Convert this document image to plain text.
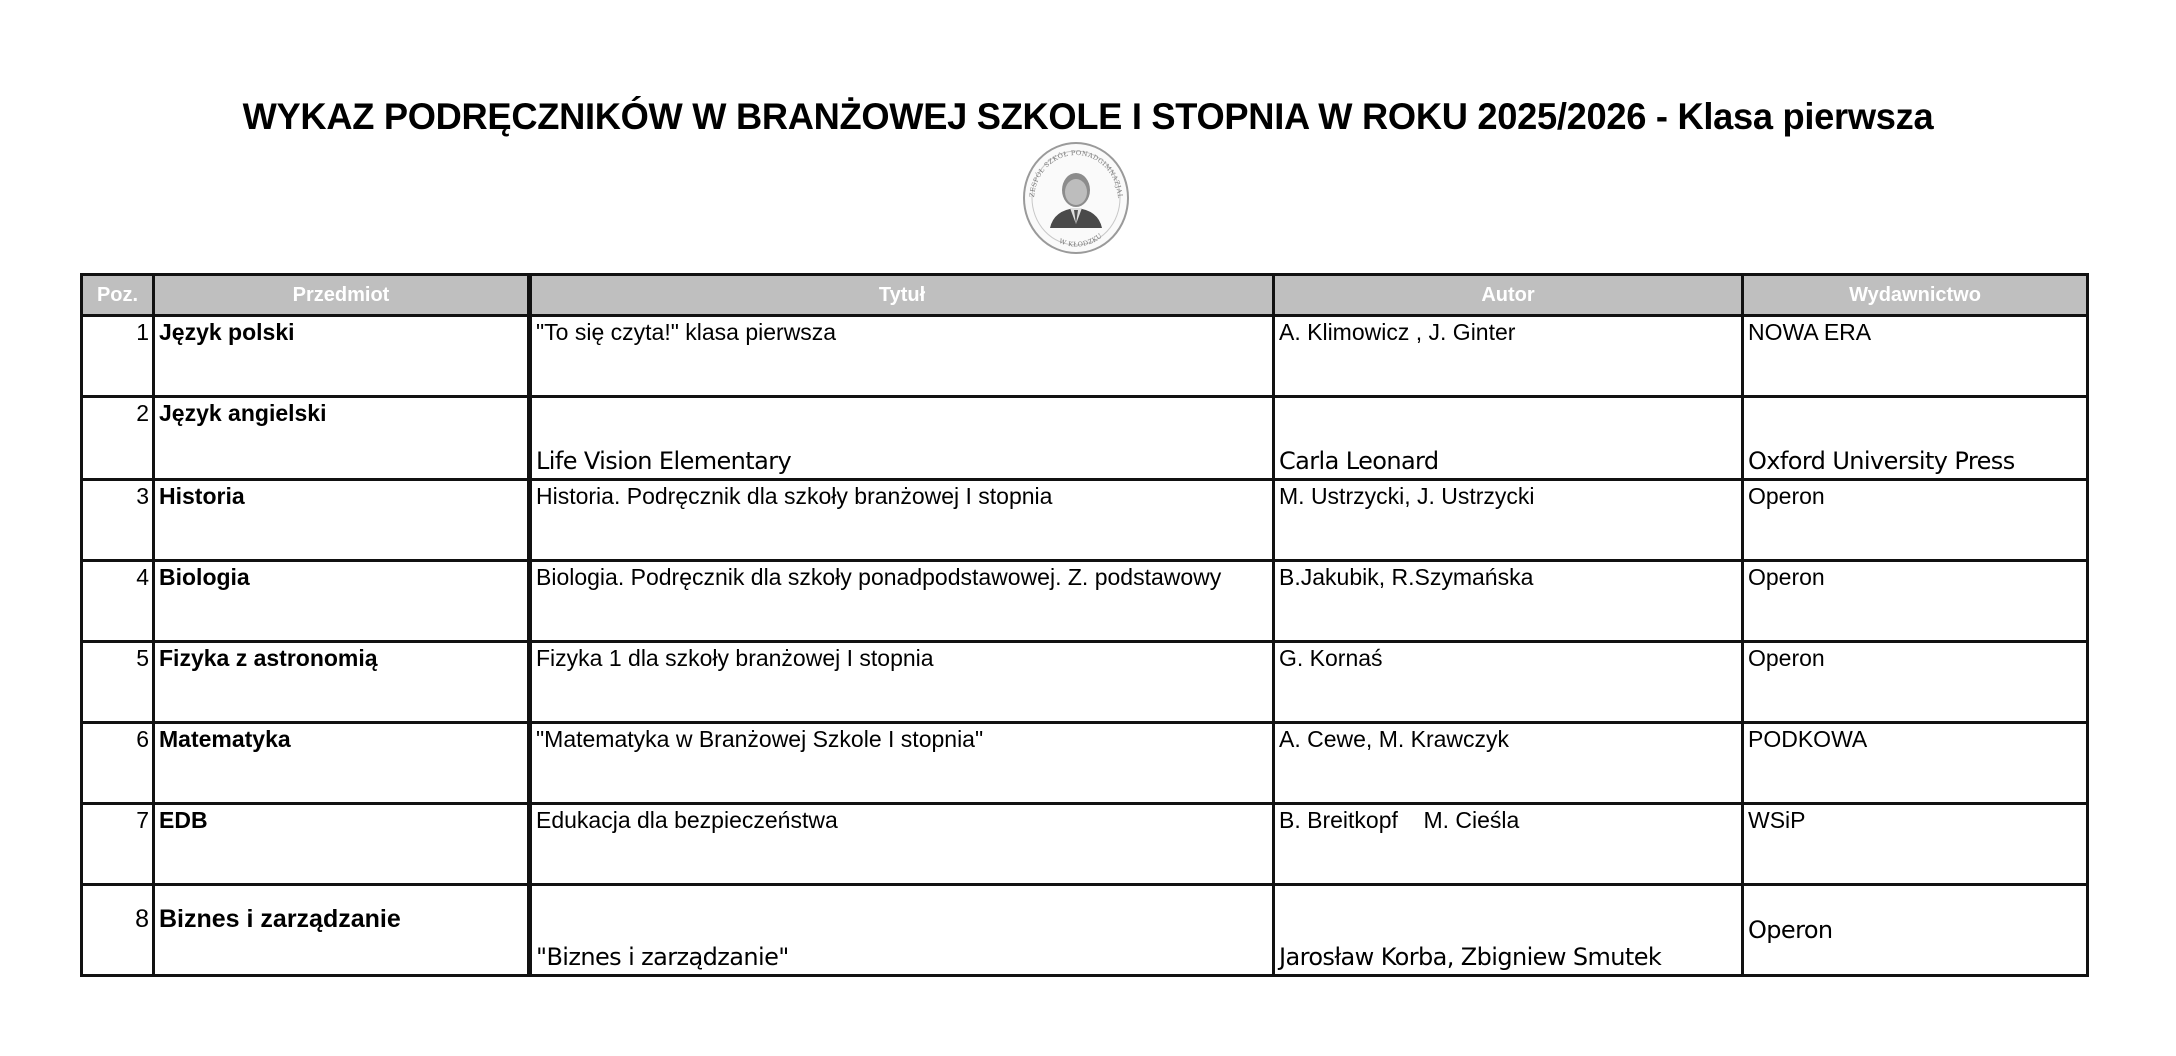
WYKAZ PODRĘCZNIKÓW W BRANŻOWEJ SZKOLE I STOPNIA W ROKU 2025/2026 - Klasa pierwsza
ZESPÓŁ SZKÓŁ PONADGIMNAZJAL
W KŁODZKU
Poz.	Przedmiot	Tytuł	Autor	Wydawnictwo
1	Język polski	"To się czyta!" klasa pierwsza	A. Klimowicz , J. Ginter	NOWA ERA
2	Język angielski	Life Vision Elementary	Carla Leonard	Oxford University Press
3	Historia	Historia. Podręcznik dla szkoły branżowej I stopnia	M. Ustrzycki, J. Ustrzycki	Operon
4	Biologia	Biologia. Podręcznik dla szkoły ponadpodstawowej. Z. podstawowy	B.Jakubik, R.Szymańska	Operon
5	Fizyka z astronomią	Fizyka 1 dla szkoły branżowej I stopnia	G. Kornaś	Operon
6	Matematyka	"Matematyka w Branżowej Szkole I stopnia"	A. Cewe, M. Krawczyk	PODKOWA
7	EDB	Edukacja dla bezpieczeństwa	B. Breitkopf    M. Cieśla	WSiP
8	Biznes i zarządzanie	"Biznes i zarządzanie"	Jarosław Korba, Zbigniew Smutek	Operon
